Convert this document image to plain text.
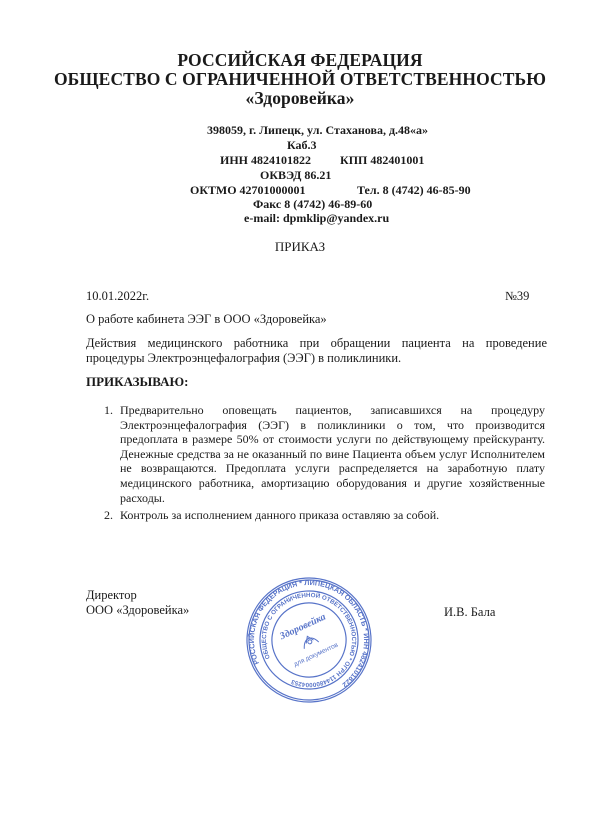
РОССИЙСКАЯ ФЕДЕРАЦИЯ
ОБЩЕСТВО С ОГРАНИЧЕННОЙ ОТВЕТСТВЕННОСТЬЮ
«Здоровейка»
398059, г. Липецк, ул. Стаханова, д.48«а»
Каб.3
ИНН 4824101822 КПП 482401001
ОКВЭД 86.21
ОКТМО 42701000001	Тел. 8 (4742) 46-85-90
Факс 8 (4742) 46-89-60
e-mail: dpmklip@yandex.ru
ПРИКАЗ
10.01.2022г.	№39
О работе кабинета ЭЭГ в ООО «Здоровейка»
Действия медицинского работника при обращении пациента на проведение процедуры Электроэнцефалография (ЭЭГ) в поликлиники.
ПРИКАЗЫВАЮ:
1. Предварительно оповещать пациентов, записавшихся на процедуру Электроэнцефалография (ЭЭГ) в поликлиники о том, что производится предоплата в размере 50% от стоимости услуги по действующему прейскуранту. Денежные средства за не оказанный по вине Пациента объем услуг Исполнителем не возвращаются. Предоплата услуги распределяется на заработную плату медицинского работника, амортизацию оборудования и другие хозяйственные расходы.
2. Контроль за исполнением данного приказа оставляю за собой.
Директор
ООО «Здоровейка»	И.В. Бала
РОССИЙСКАЯ ФЕДЕРАЦИЯ * ЛИПЕЦКАЯ ОБЛАСТЬ * ИНН 4824101822
ОБЩЕСТВО С ОГРАНИЧЕННОЙ ОТВЕТСТВЕННОСТЬЮ * ОГРН 1144800004253
Здоровейка
для документов
